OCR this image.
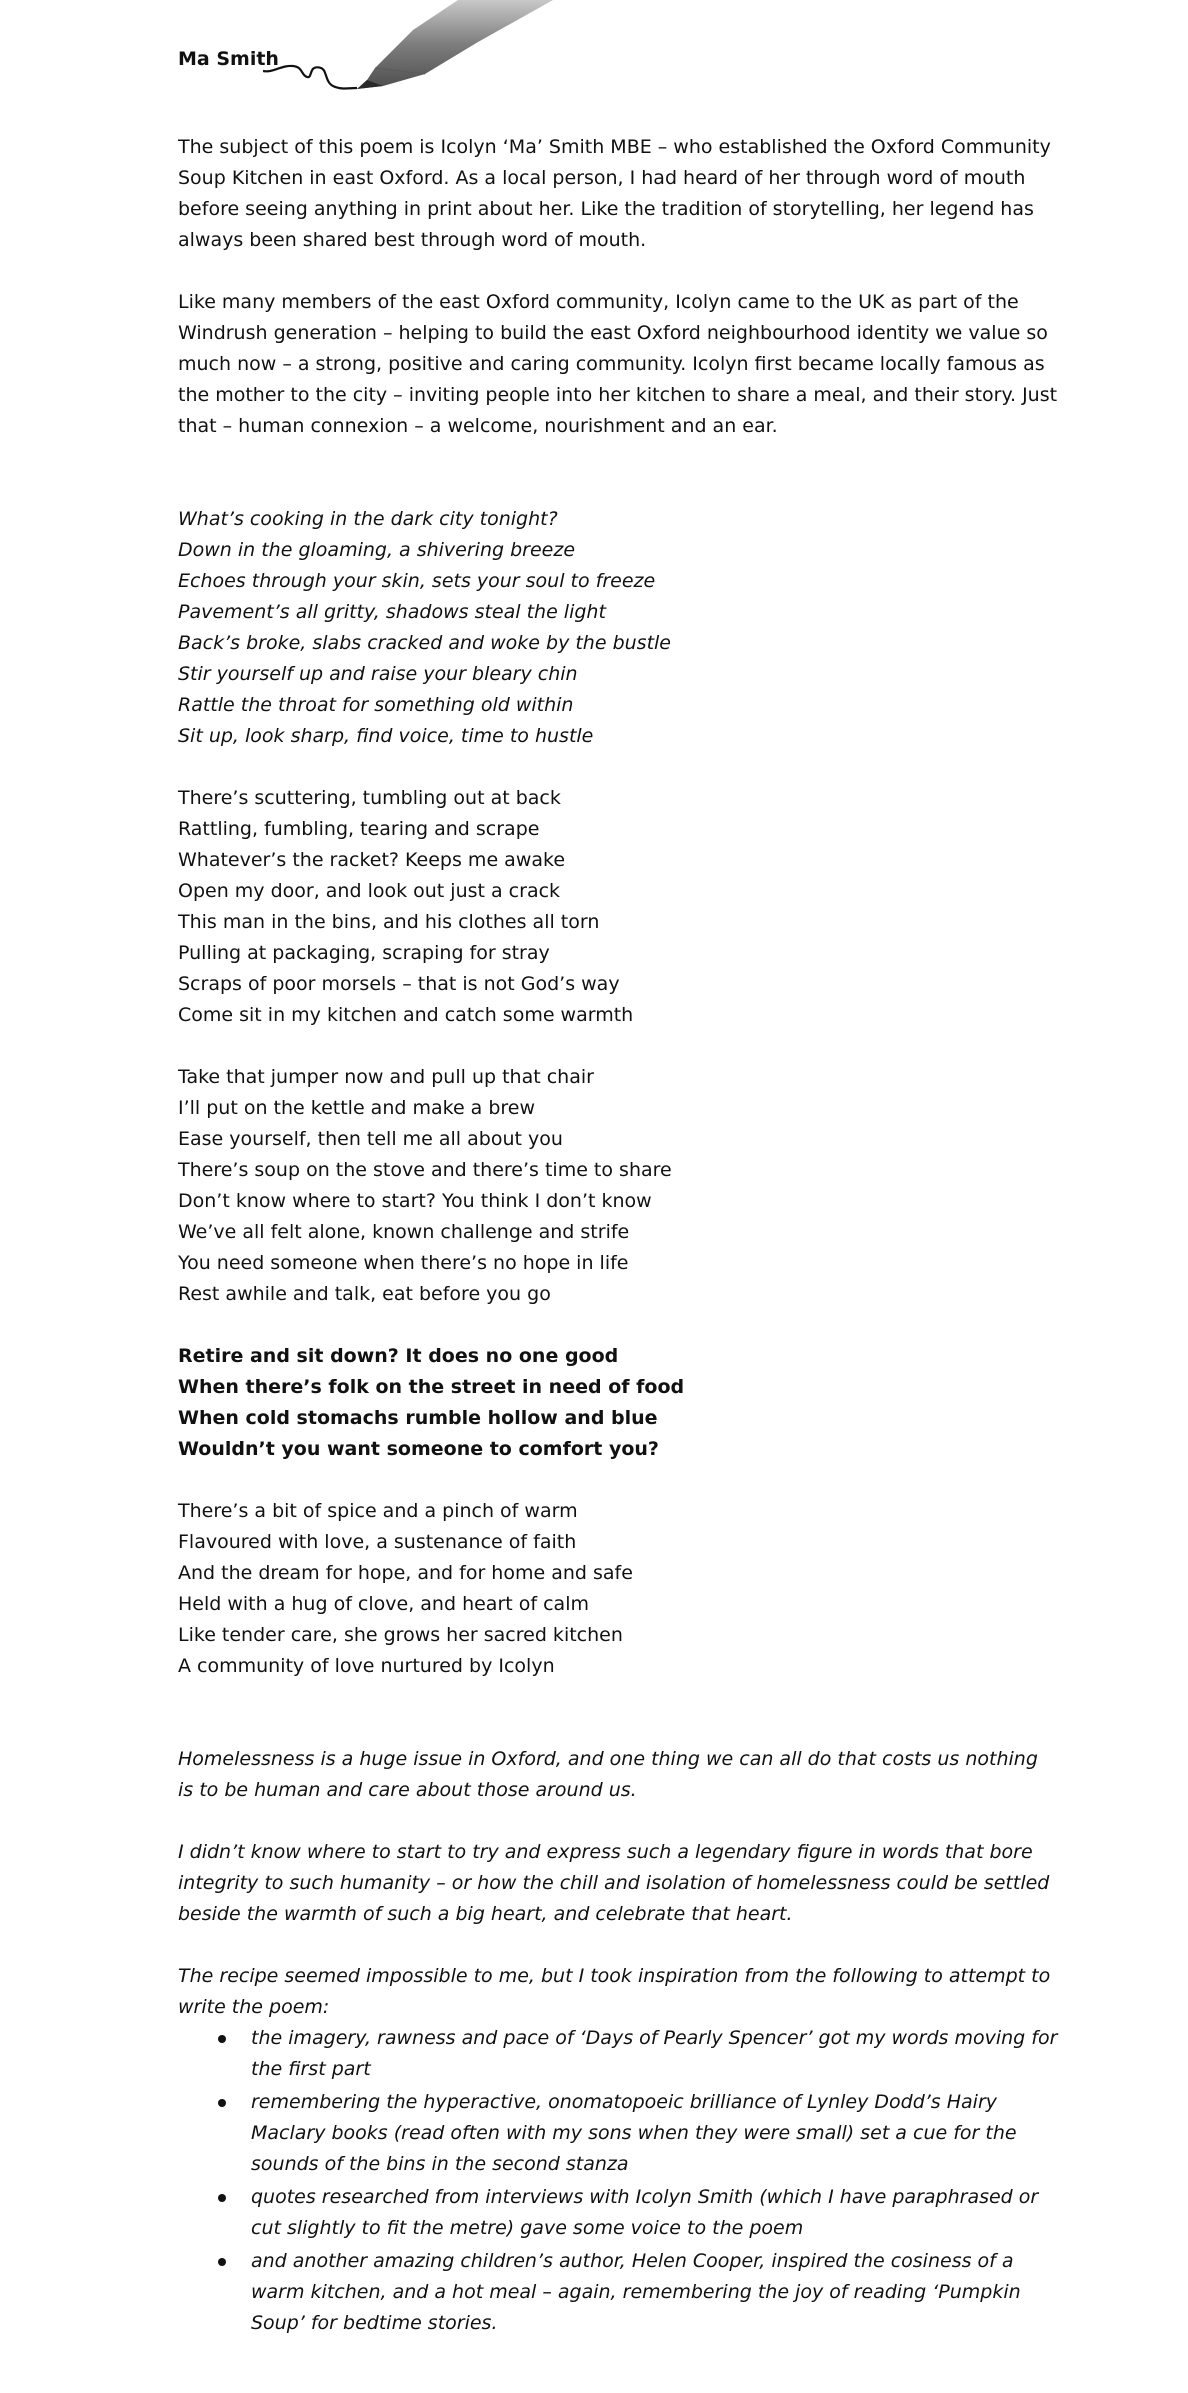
Ma Smith

The subject of this poem is Icolyn ‘Ma’ Smith MBE – who established the Oxford Community Soup Kitchen in east Oxford. As a local person, I had heard of her through word of mouth before seeing anything in print about her. Like the tradition of storytelling, her legend has always been shared best through word of mouth.

Like many members of the east Oxford community, Icolyn came to the UK as part of the Windrush generation – helping to build the east Oxford neighbourhood identity we value so much now – a strong, positive and caring community. Icolyn first became locally famous as the mother to the city – inviting people into her kitchen to share a meal, and their story. Just that – human connexion – a welcome, nourishment and an ear.

What’s cooking in the dark city tonight?
Down in the gloaming, a shivering breeze
Echoes through your skin, sets your soul to freeze
Pavement’s all gritty, shadows steal the light
Back’s broke, slabs cracked and woke by the bustle
Stir yourself up and raise your bleary chin
Rattle the throat for something old within
Sit up, look sharp, find voice, time to hustle
There’s scuttering, tumbling out at back
Rattling, fumbling, tearing and scrape
Whatever’s the racket? Keeps me awake
Open my door, and look out just a crack
This man in the bins, and his clothes all torn
Pulling at packaging, scraping for stray
Scraps of poor morsels – that is not God’s way
Come sit in my kitchen and catch some warmth
Take that jumper now and pull up that chair
I’ll put on the kettle and make a brew
Ease yourself, then tell me all about you
There’s soup on the stove and there’s time to share
Don’t know where to start? You think I don’t know
We’ve all felt alone, known challenge and strife
You need someone when there’s no hope in life
Rest awhile and talk, eat before you go
Retire and sit down? It does no one good
When there’s folk on the street in need of food
When cold stomachs rumble hollow and blue
Wouldn’t you want someone to comfort you?
There’s a bit of spice and a pinch of warm
Flavoured with love, a sustenance of faith
And the dream for hope, and for home and safe
Held with a hug of clove, and heart of calm
Like tender care, she grows her sacred kitchen
A community of love nurtured by Icolyn

Homelessness is a huge issue in Oxford, and one thing we can all do that costs us nothing is to be human and care about those around us.

I didn’t know where to start to try and express such a legendary figure in words that bore integrity to such humanity – or how the chill and isolation of homelessness could be settled beside the warmth of such a big heart, and celebrate that heart.

The recipe seemed impossible to me, but I took inspiration from the following to attempt to write the poem:

the imagery, rawness and pace of ‘Days of Pearly Spencer’ got my words moving for the first part
remembering the hyperactive, onomatopoeic brilliance of Lynley Dodd’s Hairy Maclary books (read often with my sons when they were small) set a cue for the sounds of the bins in the second stanza
quotes researched from interviews with Icolyn Smith (which I have paraphrased or cut slightly to fit the metre) gave some voice to the poem
and another amazing children’s author, Helen Cooper, inspired the cosiness of a warm kitchen, and a hot meal – again, remembering the joy of reading ‘Pumpkin Soup’ for bedtime stories.
